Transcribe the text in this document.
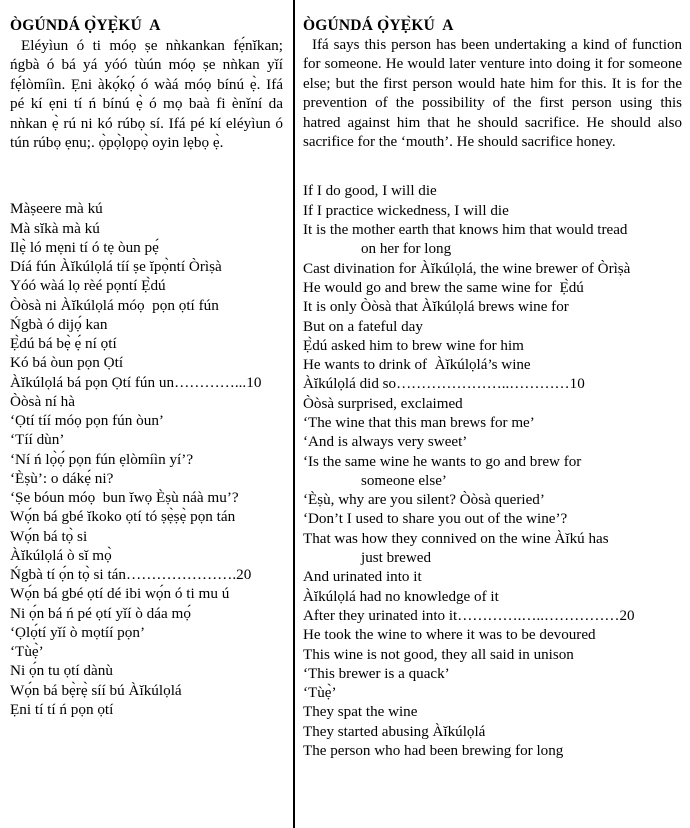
ÒGÚNDÁ Ọ̀YẸ̀KÚ  A

Eléyìun ó ti móọ ṣe nǹkankan fẹ́nĭkan; ńgbà ó bá yá yóó tùún móọ ṣe nǹkan yǐí fẹ́lòmíìn. Ẹni àkọ́kọ́ ó wàá móọ bínú ẹ̀. Ifá pé kí ẹni tí ń bínú ẹ̀ ó mọ baà fi ènǐní da nǹkan ẹ̀ rú ni kó rúbọ sí. Ifá pé kí eléyìun ó tún rúbọ ẹnu;. ọ̀pọ̀lọpọ̀ oyin lẹbọ ẹ̀.

Màṣeere mà kú
Mà sĭkà mà kú
Ilẹ̀ ló mẹni tí ó tẹ òun pẹ́
Díá fún Àĭkúlọlá tíí ṣe ĭpọ̀ntí Òrìṣà
Yóó wàá lọ rèé pọntí Ẹ̀dú
Òòsà ni Àĭkúlọlá móọ  pọn ọtí fún
Ńgbà ó dijọ́ kan
Ẹ̀dú bá bẹ̀ ẹ́ ní ọtí
Kó bá òun pọn Ọtí
Àĭkúlọlá bá pọn Ọtí fún un…………...10
Òòsà ní hà
‘Ọtí tíí móọ pọn fún òun’
‘Tíí dùn’
‘Ní ń lọ̀ọ́ pọn fún ẹlòmíìn yí’?
‘Èṣù’: o dákẹ́ ni?
‘Ṣe bóun móọ  bun ĭwọ Èṣù náà mu’?
Wọ́n bá gbé ĭkoko ọtí tó ṣẹ̀ṣẹ̀ pọn tán
Wọ́n bá tọ̀ si
Àĭkúlọlá ò sĭ mọ̀
Ńgbà tí ọ́n tọ̀ si tán………………….20
Wọ́n bá gbé ọtí dé ibi wọ́n ó ti mu ú
Ni ọ́n bá ń pé ọtí yǐí ò dáa mọ́
‘Ọlọ́tí yǐí ò mọtíí pọn’
‘Tùẹ̀’
Ni ọ́n tu ọtí dànù
Wọ́n bá bẹ̀rẹ̀ síí bú Àĭkúlọlá
Ẹni tí tí ń pọn ọtí
ÒGÚNDÁ Ọ̀YẸ̀KÚ  A

Ifá says this person has been undertaking a kind of function for someone. He would later venture into doing it for someone else; but the first person would hate him for this. It is for the prevention of the possibility of the first person using this hatred against him that he should sacrifice. He should also sacrifice for the ‘mouth’. He should sacrifice honey.

If I do good, I will die
If I practice wickedness, I will die
It is the mother earth that knows him that would tread
on her for long
Cast divination for Àĭkúlọlá, the wine brewer of Òrìṣà
He would go and brew the same wine for  Ẹ̀dú
It is only Òòsà that Àĭkúlọlá brews wine for
But on a fateful day
Ẹ̀dú asked him to brew wine for him
He wants to drink of  Àĭkúlọlá’s wine
Àĭkúlọlá did so…………………..…………10
Òòsà surprised, exclaimed
‘The wine that this man brews for me’
‘And is always very sweet’
‘Is the same wine he wants to go and brew for
someone else’
‘Èṣù, why are you silent? Òòsà queried’
‘Don’t I used to share you out of the wine’?
That was how they connived on the wine Àĭkú has
just brewed
And urinated into it
Àĭkúlọlá had no knowledge of it
After they urinated into it………….…..……………20
He took the wine to where it was to be devoured
This wine is not good, they all said in unison
‘This brewer is a quack’
‘Tùẹ̀’
They spat the wine
They started abusing Àĭkúlọlá
The person who had been brewing for long
